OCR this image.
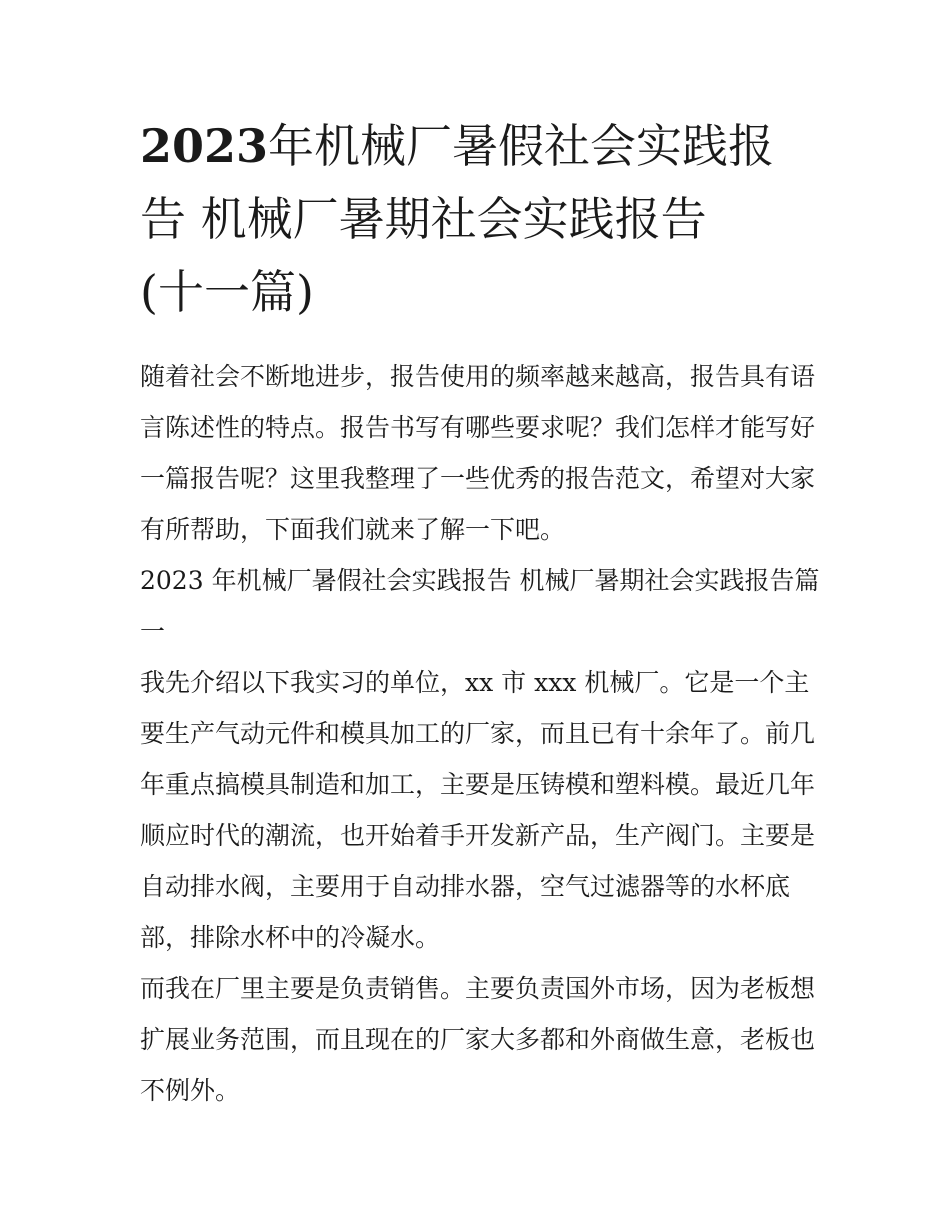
2023年机械厂暑假社会实践报
告 机械厂暑期社会实践报告
(十一篇)
随着社会不断地进步，报告使用的频率越来越高，报告具有语
言陈述性的特点。报告书写有哪些要求呢？我们怎样才能写好
一篇报告呢？这里我整理了一些优秀的报告范文，希望对大家
有所帮助，下面我们就来了解一下吧。
2023 年机械厂暑假社会实践报告 机械厂暑期社会实践报告篇
一
我先介绍以下我实习的单位，xx 市 xxx 机械厂。它是一个主
要生产气动元件和模具加工的厂家，而且已有十余年了。前几
年重点搞模具制造和加工，主要是压铸模和塑料模。最近几年
顺应时代的潮流，也开始着手开发新产品，生产阀门。主要是
自动排水阀，主要用于自动排水器，空气过滤器等的水杯底
部，排除水杯中的冷凝水。
而我在厂里主要是负责销售。主要负责国外市场，因为老板想
扩展业务范围，而且现在的厂家大多都和外商做生意，老板也
不例外。
